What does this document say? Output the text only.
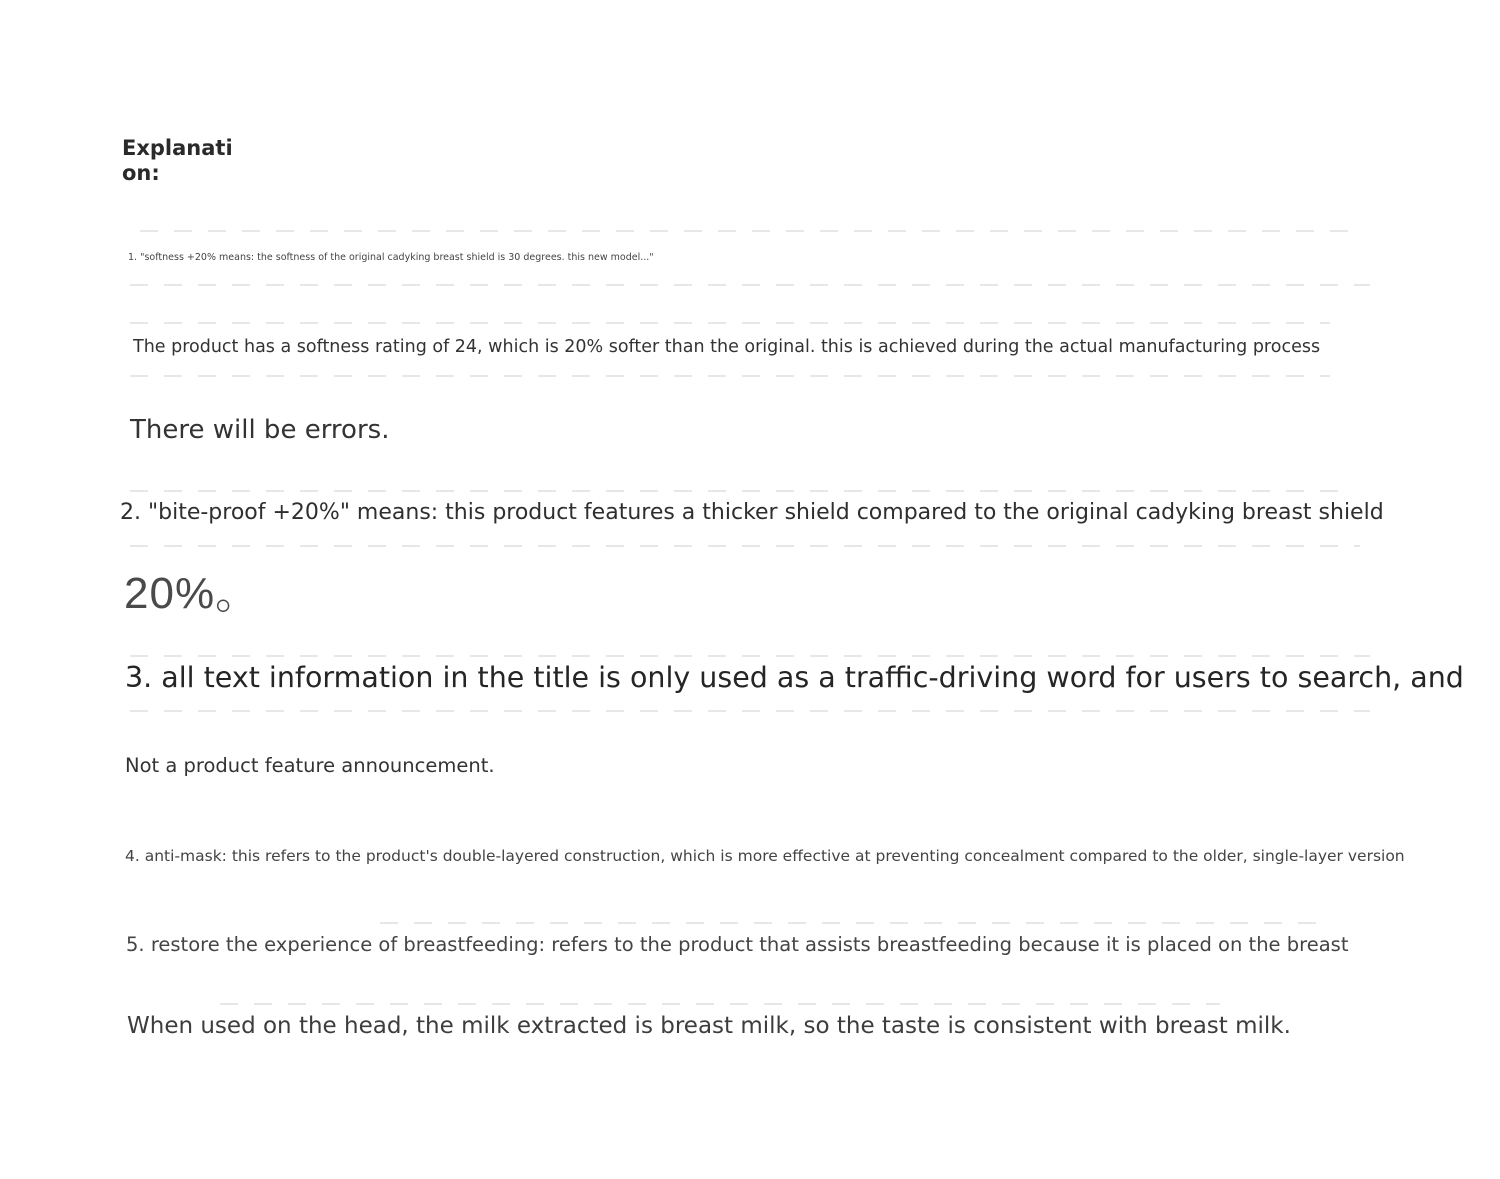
Explanation:

1. "softness +20% means: the softness of the original cadyking breast shield is 30 degrees. this new model..."

The product has a softness rating of 24, which is 20% softer than the original. this is achieved during the actual manufacturing process

There will be errors.

2. "bite-proof +20%" means: this product features a thicker shield compared to the original cadyking breast shield

20%。

3. all text information in the title is only used as a traffic-driving word for users to search, and

Not a product feature announcement.

4. anti-mask: this refers to the product's double-layered construction, which is more effective at preventing concealment compared to the older, single-layer version

5. restore the experience of breastfeeding: refers to the product that assists breastfeeding because it is placed on the breast

When used on the head, the milk extracted is breast milk, so the taste is consistent with breast milk.
